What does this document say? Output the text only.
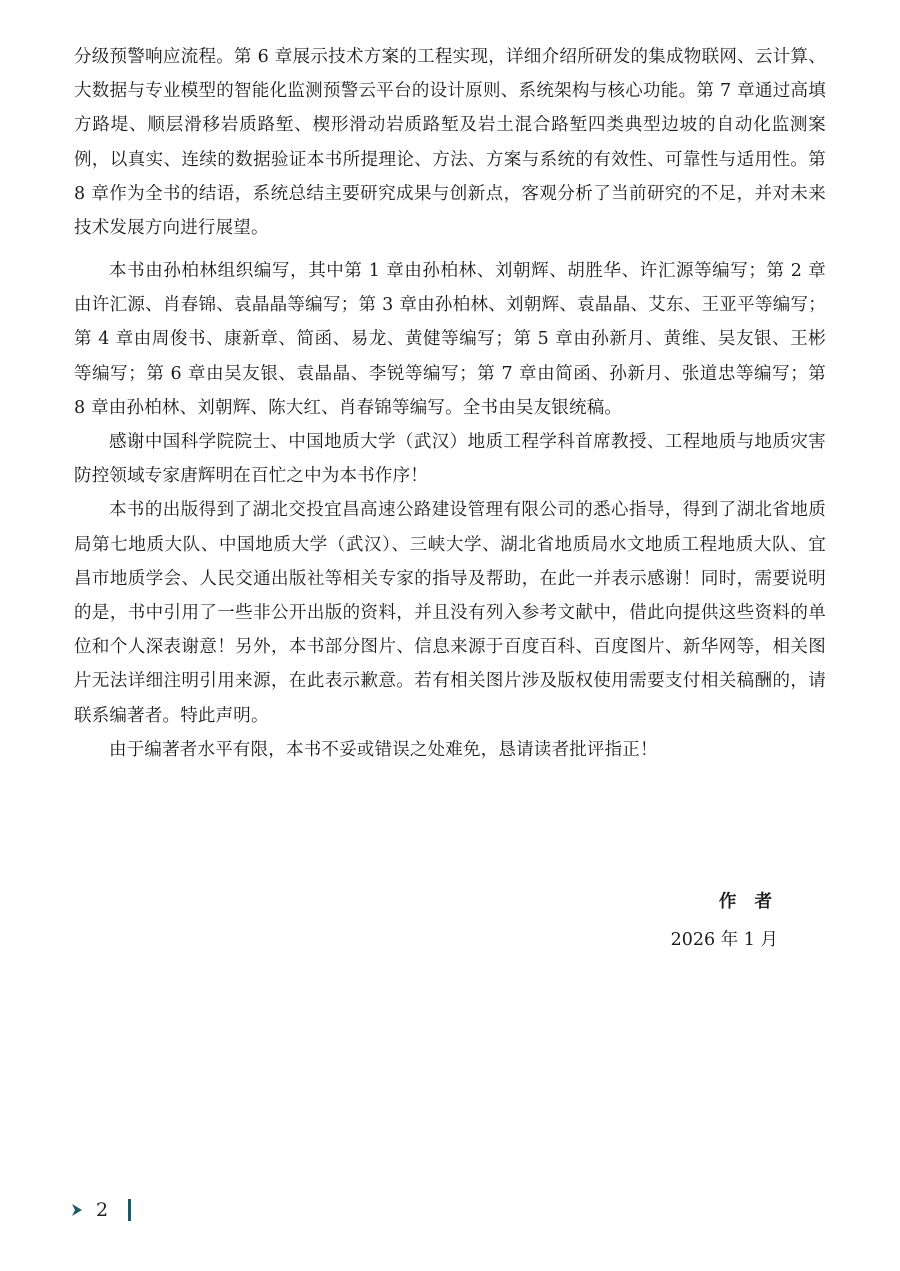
分级预警响应流程。第 6 章展示技术方案的工程实现，详细介绍所研发的集成物联网、云计算、大数据与专业模型的智能化监测预警云平台的设计原则、系统架构与核心功能。第 7 章通过高填方路堤、顺层滑移岩质路堑、楔形滑动岩质路堑及岩土混合路堑四类典型边坡的自动化监测案例，以真实、连续的数据验证本书所提理论、方法、方案与系统的有效性、可靠性与适用性。第 8 章作为全书的结语，系统总结主要研究成果与创新点，客观分析了当前研究的不足，并对未来技术发展方向进行展望。

本书由孙柏林组织编写，其中第 1 章由孙柏林、刘朝辉、胡胜华、许汇源等编写；第 2 章由许汇源、肖春锦、袁晶晶等编写；第 3 章由孙柏林、刘朝辉、袁晶晶、艾东、王亚平等编写；第 4 章由周俊书、康新章、简函、易龙、黄健等编写；第 5 章由孙新月、黄维、吴友银、王彬等编写；第 6 章由吴友银、袁晶晶、李锐等编写；第 7 章由简函、孙新月、张道忠等编写；第 8 章由孙柏林、刘朝辉、陈大红、肖春锦等编写。全书由吴友银统稿。

感谢中国科学院院士、中国地质大学（武汉）地质工程学科首席教授、工程地质与地质灾害防控领域专家唐辉明在百忙之中为本书作序！

本书的出版得到了湖北交投宜昌高速公路建设管理有限公司的悉心指导，得到了湖北省地质局第七地质大队、中国地质大学（武汉）、三峡大学、湖北省地质局水文地质工程地质大队、宜昌市地质学会、人民交通出版社等相关专家的指导及帮助，在此一并表示感谢！同时，需要说明的是，书中引用了一些非公开出版的资料，并且没有列入参考文献中，借此向提供这些资料的单位和个人深表谢意！另外，本书部分图片、信息来源于百度百科、百度图片、新华网等，相关图片无法详细注明引用来源，在此表示歉意。若有相关图片涉及版权使用需要支付相关稿酬的，请联系编著者。特此声明。

由于编著者水平有限，本书不妥或错误之处难免，恳请读者批评指正！

作 者
2026 年 1 月
2
